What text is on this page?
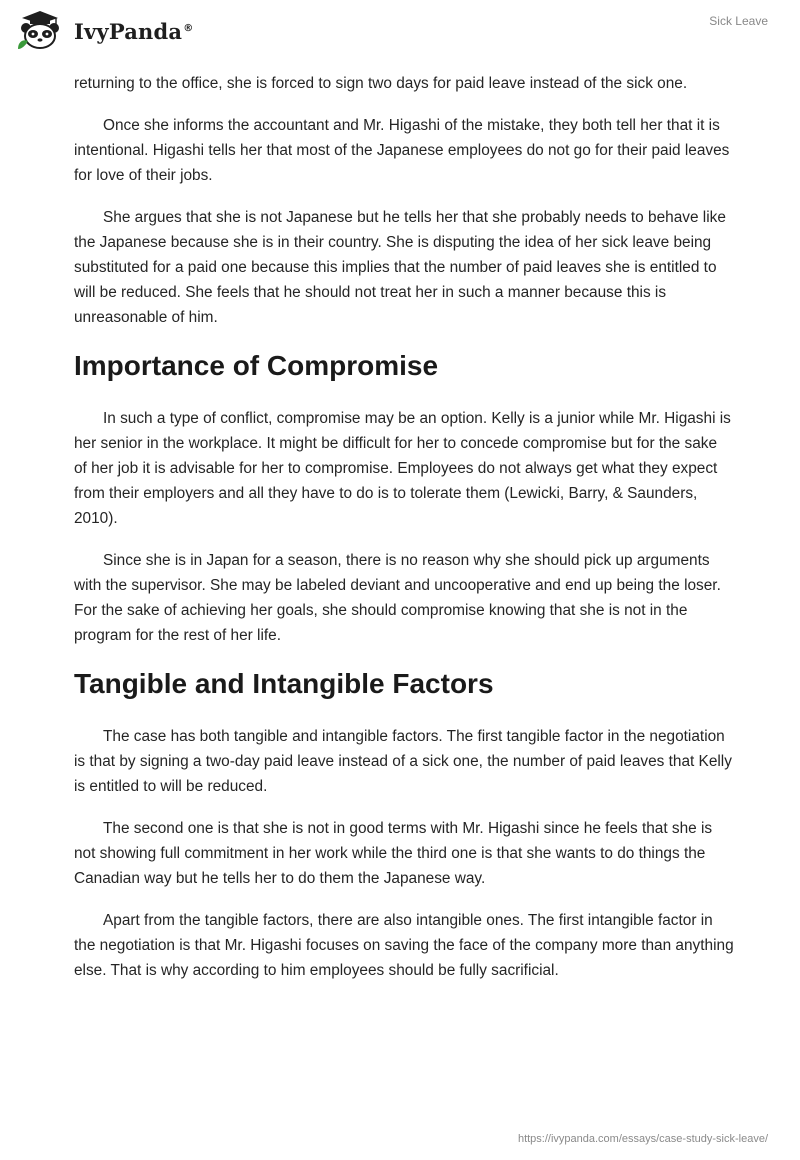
IvyPanda®	Sick Leave

returning to the office, she is forced to sign two days for paid leave instead of the sick one.

Once she informs the accountant and Mr. Higashi of the mistake, they both tell her that it is intentional. Higashi tells her that most of the Japanese employees do not go for their paid leaves for love of their jobs.

She argues that she is not Japanese but he tells her that she probably needs to behave like the Japanese because she is in their country. She is disputing the idea of her sick leave being substituted for a paid one because this implies that the number of paid leaves she is entitled to will be reduced. She feels that he should not treat her in such a manner because this is unreasonable of him.

Importance of Compromise

In such a type of conflict, compromise may be an option. Kelly is a junior while Mr. Higashi is her senior in the workplace. It might be difficult for her to concede compromise but for the sake of her job it is advisable for her to compromise. Employees do not always get what they expect from their employers and all they have to do is to tolerate them (Lewicki, Barry, & Saunders, 2010).

Since she is in Japan for a season, there is no reason why she should pick up arguments with the supervisor. She may be labeled deviant and uncooperative and end up being the loser. For the sake of achieving her goals, she should compromise knowing that she is not in the program for the rest of her life.

Tangible and Intangible Factors

The case has both tangible and intangible factors. The first tangible factor in the negotiation is that by signing a two-day paid leave instead of a sick one, the number of paid leaves that Kelly is entitled to will be reduced.

The second one is that she is not in good terms with Mr. Higashi since he feels that she is not showing full commitment in her work while the third one is that she wants to do things the Canadian way but he tells her to do them the Japanese way.

Apart from the tangible factors, there are also intangible ones. The first intangible factor in the negotiation is that Mr. Higashi focuses on saving the face of the company more than anything else. That is why according to him employees should be fully sacrificial.

https://ivypanda.com/essays/case-study-sick-leave/
